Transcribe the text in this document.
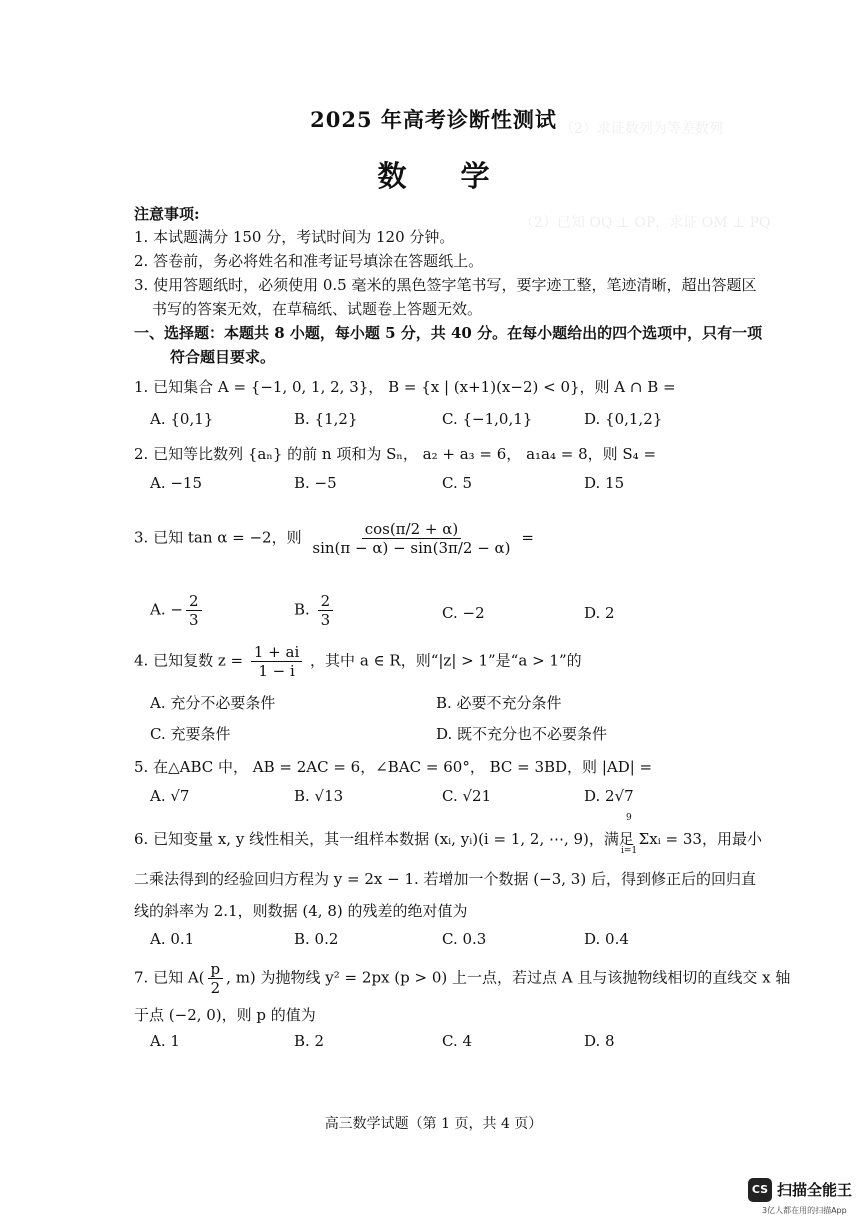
（2）求证数列为等差数列
（2）已知 OQ ⊥ OP，求证 OM ⊥ PQ
2025 年高考诊断性测试
数 学
注意事项:
1. 本试题满分 150 分，考试时间为 120 分钟。
2. 答卷前，务必将姓名和准考证号填涂在答题纸上。
3. 使用答题纸时，必须使用 0.5 毫米的黑色签字笔书写，要字迹工整，笔迹清晰，超出答题区
书写的答案无效，在草稿纸、试题卷上答题无效。
一、选择题：本题共 8 小题，每小题 5 分，共 40 分。在每小题给出的四个选项中，只有一项
符合题目要求。
1. 已知集合 A = {−1, 0, 1, 2, 3}， B = {x | (x+1)(x−2) < 0}，则 A ∩ B =
A. {0,1}	B. {1,2}	C. {−1,0,1}	D. {0,1,2}
2. 已知等比数列 {aₙ} 的前 n 项和为 Sₙ， a₂ + a₃ = 6， a₁a₄ = 8，则 S₄ =
A. −15	B. −5	C. 5	D. 15
3. 已知 tan α = −2，则 $\frac{\cos(\pi/2 + \alpha)}{\sin(\pi - \alpha) - \sin(3\pi/2 - \alpha)}$ =
A. − $\frac{2}{3}$	B. $\frac{2}{3}$	C. −2	D. 2
4. 已知复数 $z = \frac{1 + ai}{1 - i}$ ，其中 a ∈ R，则“|z| > 1”是“a > 1”的
A. 充分不必要条件	B. 必要不充分条件
C. 充要条件	D. 既不充分也不必要条件
5. 在△ABC 中， AB = 2AC = 6，∠BAC = 60°， BC = 3BD，则 |AD| =
A. √7	B. √13	C. √21	D. 2√7
6. 已知变量 x, y 线性相关，其一组样本数据 (xᵢ, yᵢ)(i = 1, 2, ⋯, 9)，满足 Σxᵢ = 33，用最小
9
i=1
二乘法得到的经验回归方程为 y = 2x − 1. 若增加一个数据 (−3, 3) 后，得到修正后的回归直
线的斜率为 2.1，则数据 (4, 8) 的残差的绝对值为
A. 0.1	B. 0.2	C. 0.3	D. 0.4
7. 已知 $A( \frac{p}{2}$ , m) 为抛物线 y² = 2px (p > 0) 上一点，若过点 A 且与该抛物线相切的直线交 x 轴
于点 (−2, 0)，则 p 的值为
A. 1	B. 2	C. 4	D. 8
高三数学试题（第 1 页，共 4 页）
CS 扫描全能王
3亿人都在用的扫描App
